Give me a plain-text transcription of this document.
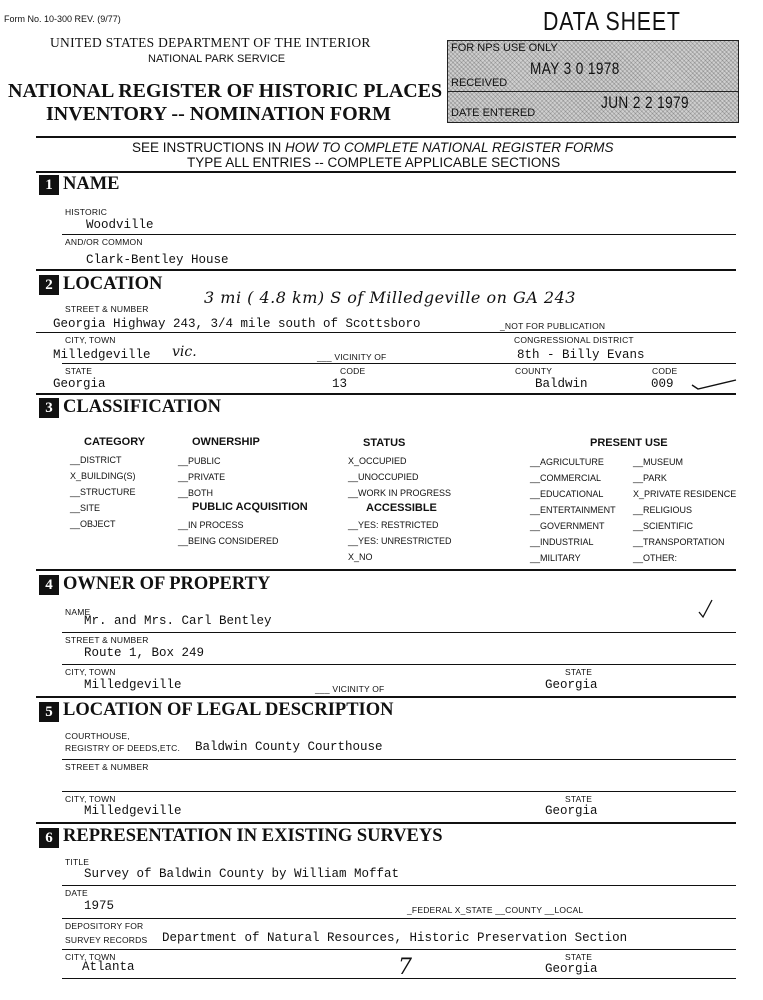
Form No. 10-300 REV. (9/77)
UNITED STATES DEPARTMENT OF THE INTERIOR
NATIONAL PARK SERVICE
NATIONAL REGISTER OF HISTORIC PLACES
INVENTORY -- NOMINATION FORM
DATA SHEET
FOR NPS USE ONLY
MAY 3 0 1978
RECEIVED
JUN 2 2 1979
DATE ENTERED
SEE INSTRUCTIONS IN HOW TO COMPLETE NATIONAL REGISTER FORMS
TYPE ALL ENTRIES -- COMPLETE APPLICABLE SECTIONS
1 NAME
HISTORIC
Woodville
AND/OR COMMON
Clark-Bentley House
2 LOCATION
STREET & NUMBER
3 mi ( 4.8 km) S of Milledgeville on GA 243
Georgia Highway 243, 3/4 mile south of Scottsboro	_NOT FOR PUBLICATION
CITY, TOWN
Milledgeville vic.	___ VICINITY OF
CONGRESSIONAL DISTRICT
8th - Billy Evans
STATE
Georgia
CODE
13
COUNTY
Baldwin
CODE
009
3 CLASSIFICATION
CATEGORY	OWNERSHIP	STATUS	PRESENT USE
__DISTRICT
X_BUILDING(S)
__STRUCTURE
__SITE
__OBJECT
__PUBLIC
__PRIVATE
__BOTH
PUBLIC ACQUISITION
__IN PROCESS
__BEING CONSIDERED
X_OCCUPIED
__UNOCCUPIED
__WORK IN PROGRESS
ACCESSIBLE
__YES: RESTRICTED
__YES: UNRESTRICTED
X_NO
__AGRICULTURE
__COMMERCIAL
__EDUCATIONAL
__ENTERTAINMENT
__GOVERNMENT
__INDUSTRIAL
__MILITARY
__MUSEUM
__PARK
X_PRIVATE RESIDENCE
__RELIGIOUS
__SCIENTIFIC
__TRANSPORTATION
__OTHER:
4 OWNER OF PROPERTY
NAME
Mr. and Mrs. Carl Bentley
STREET & NUMBER
Route 1, Box 249
CITY, TOWN
Milledgeville	___ VICINITY OF
STATE
Georgia
5 LOCATION OF LEGAL DESCRIPTION
COURTHOUSE,
REGISTRY OF DEEDS,ETC. Baldwin County Courthouse
STREET & NUMBER
CITY, TOWN
Milledgeville
STATE
Georgia
6 REPRESENTATION IN EXISTING SURVEYS
TITLE
Survey of Baldwin County by William Moffat
DATE
1975	_FEDERAL X_STATE __COUNTY __LOCAL
DEPOSITORY FOR
SURVEY RECORDS Department of Natural Resources, Historic Preservation Section
CITY, TOWN
Atlanta	7	STATE
Georgia
